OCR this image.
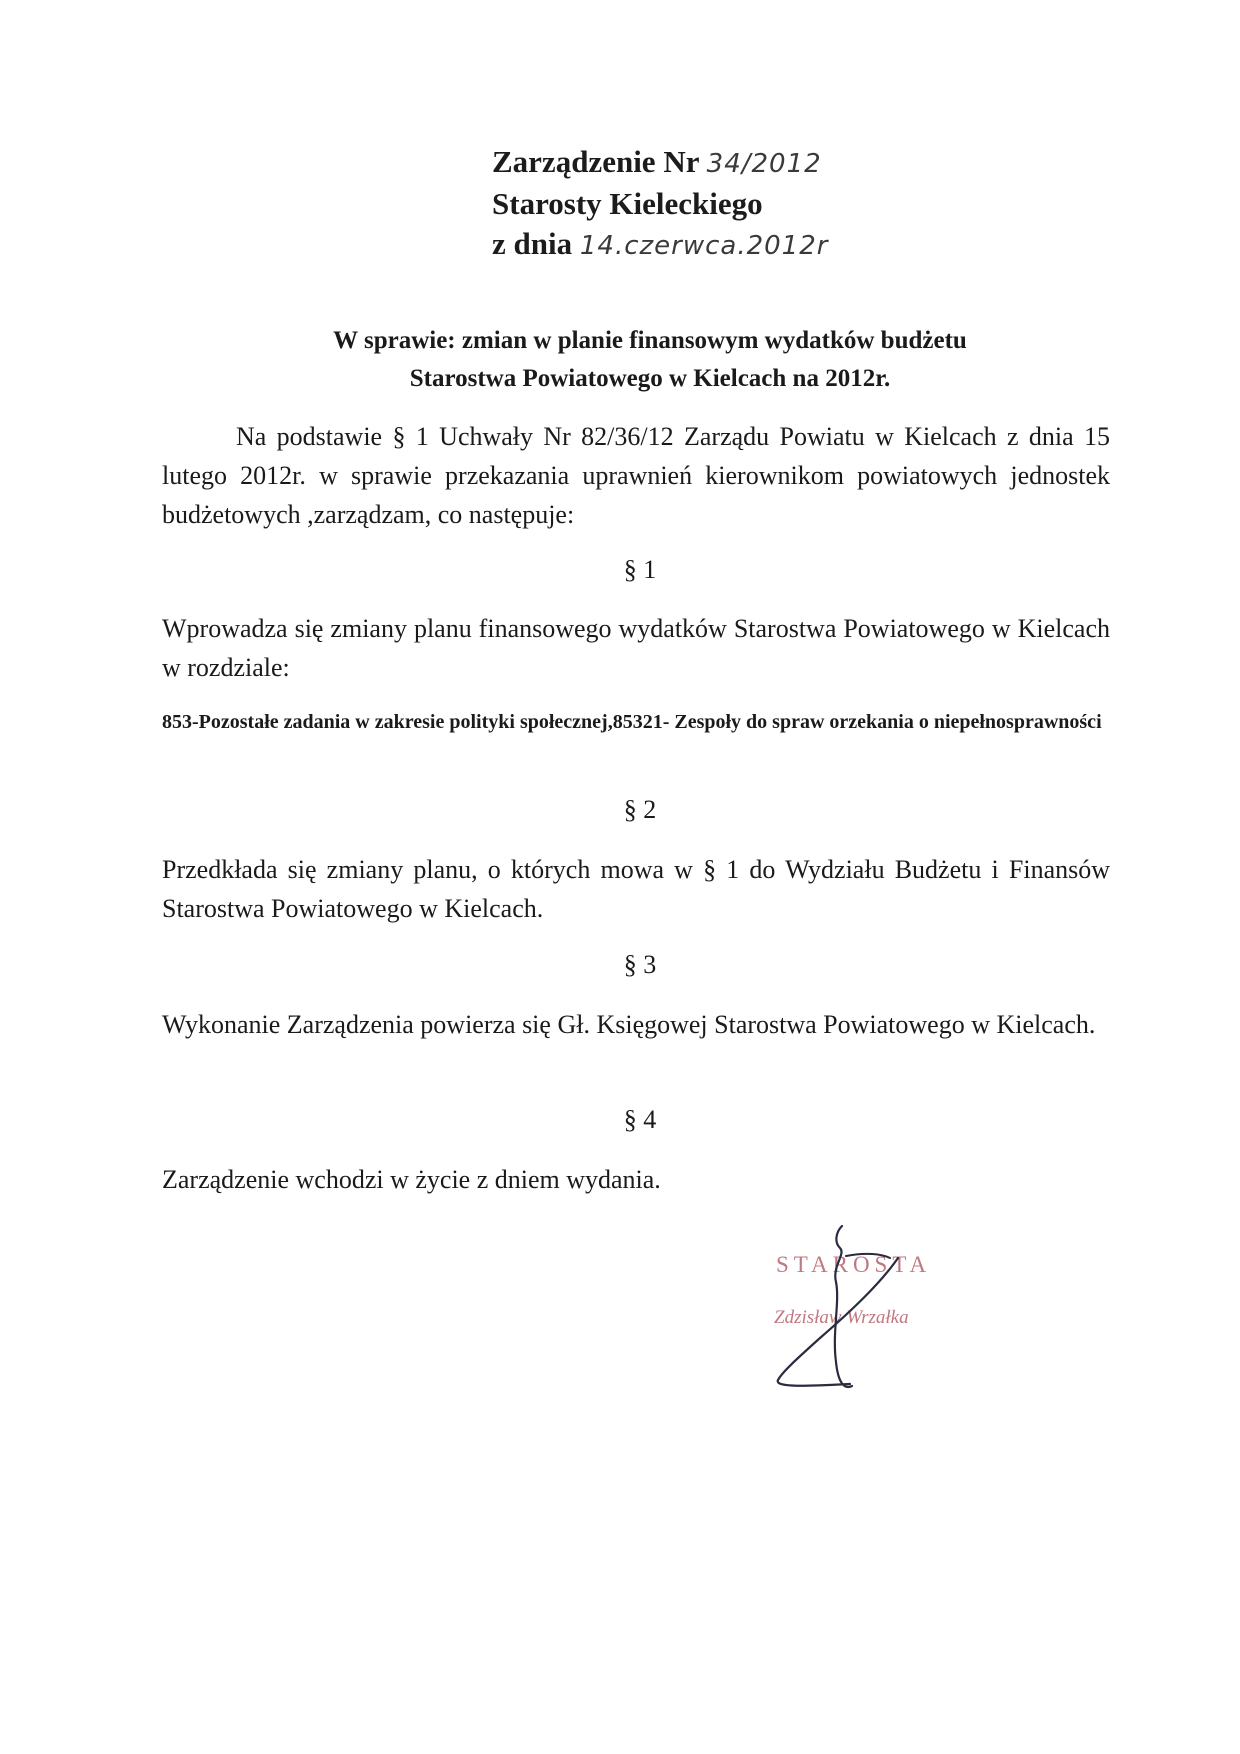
Zarządzenie Nr 34/2012
Starosty Kieleckiego
z dnia 14.czerwca.2012r
W sprawie: zmian w planie finansowym wydatków budżetu
Starostwa Powiatowego w Kielcach na 2012r.
Na podstawie § 1 Uchwały Nr 82/36/12 Zarządu Powiatu w Kielcach z dnia 15 lutego 2012r. w sprawie przekazania uprawnień kierownikom powiatowych jednostek budżetowych ,zarządzam, co następuje:
§ 1
Wprowadza się zmiany planu finansowego wydatków Starostwa Powiatowego w Kielcach w rozdziale:
853-Pozostałe zadania w zakresie polityki społecznej,85321- Zespoły do spraw orzekania o niepełnosprawności
§ 2
Przedkłada się zmiany planu, o których mowa w § 1 do Wydziału Budżetu i Finansów Starostwa Powiatowego w Kielcach.
§ 3
Wykonanie Zarządzenia powierza się Gł. Księgowej Starostwa Powiatowego w Kielcach.
§ 4
Zarządzenie wchodzi w życie z dniem wydania.
STAROSTA
Zdzisław Wrzałka
